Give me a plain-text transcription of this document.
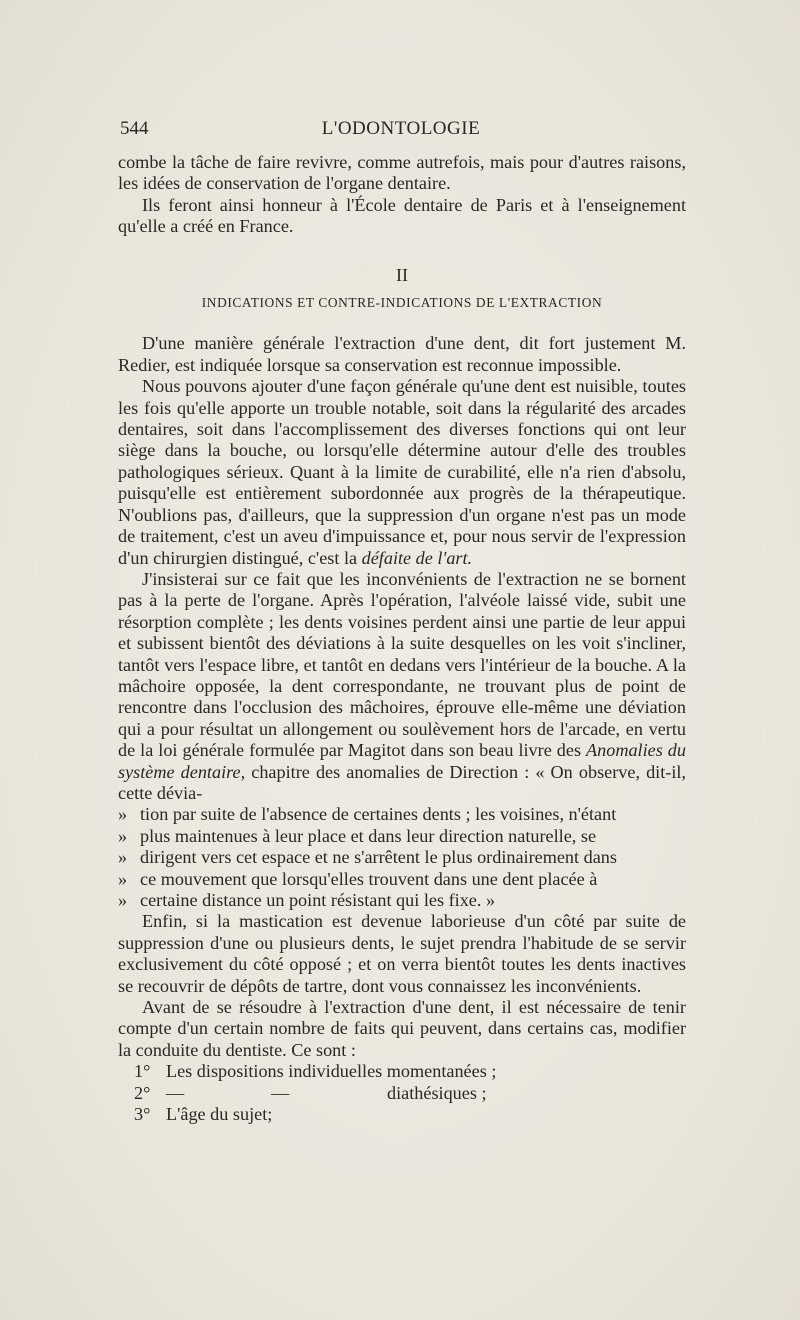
544	L'ODONTOLOGIE

combe la tâche de faire revivre, comme autrefois, mais pour d'autres raisons, les idées de conservation de l'organe dentaire.

Ils feront ainsi honneur à l'École dentaire de Paris et à l'enseignement qu'elle a créé en France.

II
INDICATIONS ET CONTRE-INDICATIONS DE L'EXTRACTION

D'une manière générale l'extraction d'une dent, dit fort justement M. Redier, est indiquée lorsque sa conservation est reconnue impossible.

Nous pouvons ajouter d'une façon générale qu'une dent est nuisible, toutes les fois qu'elle apporte un trouble notable, soit dans la régularité des arcades dentaires, soit dans l'accomplissement des diverses fonctions qui ont leur siège dans la bouche, ou lorsqu'elle détermine autour d'elle des troubles pathologiques sérieux. Quant à la limite de curabilité, elle n'a rien d'absolu, puisqu'elle est entièrement subordonnée aux progrès de la thérapeutique. N'oublions pas, d'ailleurs, que la suppression d'un organe n'est pas un mode de traitement, c'est un aveu d'impuissance et, pour nous servir de l'expression d'un chirurgien distingué, c'est la défaite de l'art.

J'insisterai sur ce fait que les inconvénients de l'extraction ne se bornent pas à la perte de l'organe. Après l'opération, l'alvéole laissé vide, subit une résorption complète ; les dents voisines perdent ainsi une partie de leur appui et subissent bientôt des déviations à la suite desquelles on les voit s'incliner, tantôt vers l'espace libre, et tantôt en dedans vers l'intérieur de la bouche. A la mâchoire opposée, la dent correspondante, ne trouvant plus de point de rencontre dans l'occlusion des mâchoires, éprouve elle-même une déviation qui a pour résultat un allongement ou soulèvement hors de l'arcade, en vertu de la loi générale formulée par Magitot dans son beau livre des Anomalies du système dentaire, chapitre des anomalies de Direction : « On observe, dit-il, cette dévia-

» tion par suite de l'absence de certaines dents ; les voisines, n'étant

» plus maintenues à leur place et dans leur direction naturelle, se

» dirigent vers cet espace et ne s'arrêtent le plus ordinairement dans

» ce mouvement que lorsqu'elles trouvent dans une dent placée à

» certaine distance un point résistant qui les fixe. »

Enfin, si la mastication est devenue laborieuse d'un côté par suite de suppression d'une ou plusieurs dents, le sujet prendra l'habitude de se servir exclusivement du côté opposé ; et on verra bientôt toutes les dents inactives se recouvrir de dépôts de tartre, dont vous connaissez les inconvénients.

Avant de se résoudre à l'extraction d'une dent, il est nécessaire de tenir compte d'un certain nombre de faits qui peuvent, dans certains cas, modifier la conduite du dentiste. Ce sont :

1° Les dispositions individuelles momentanées ;

2° —	—	diathésiques ;

3° L'âge du sujet;
